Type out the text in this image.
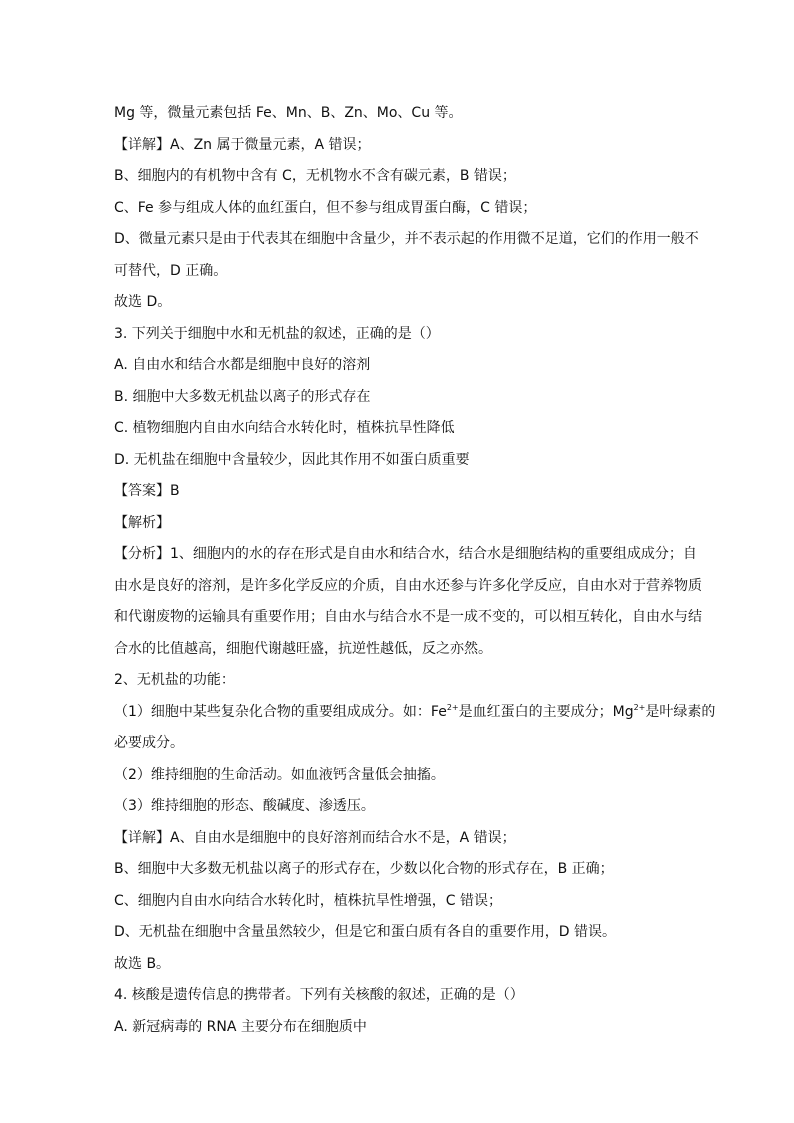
Mg 等，微量元素包括 Fe、Mn、B、Zn、Mo、Cu 等。
【详解】A、Zn 属于微量元素，A 错误；
B、细胞内的有机物中含有 C，无机物水不含有碳元素，B 错误；
C、Fe 参与组成人体的血红蛋白，但不参与组成胃蛋白酶，C 错误；
D、微量元素只是由于代表其在细胞中含量少，并不表示起的作用微不足道，它们的作用一般不
可替代，D 正确。
故选 D。
3. 下列关于细胞中水和无机盐的叙述，正确的是（）
A. 自由水和结合水都是细胞中良好的溶剂
B. 细胞中大多数无机盐以离子的形式存在
C. 植物细胞内自由水向结合水转化时，植株抗旱性降低
D. 无机盐在细胞中含量较少，因此其作用不如蛋白质重要
【答案】B
【解析】
【分析】1、细胞内的水的存在形式是自由水和结合水，结合水是细胞结构的重要组成成分；自
由水是良好的溶剂，是许多化学反应的介质，自由水还参与许多化学反应，自由水对于营养物质
和代谢废物的运输具有重要作用；自由水与结合水不是一成不变的，可以相互转化，自由水与结
合水的比值越高，细胞代谢越旺盛，抗逆性越低，反之亦然。
2、无机盐的功能：
（1）细胞中某些复杂化合物的重要组成成分。如：$Fe^{2+}$是血红蛋白的主要成分；$Mg^{2+}$是叶绿素的
必要成分。
（2）维持细胞的生命活动。如血液钙含量低会抽搐。
（3）维持细胞的形态、酸碱度、渗透压。
【详解】A、自由水是细胞中的良好溶剂而结合水不是，A 错误；
B、细胞中大多数无机盐以离子的形式存在，少数以化合物的形式存在，B 正确；
C、细胞内自由水向结合水转化时，植株抗旱性增强，C 错误；
D、无机盐在细胞中含量虽然较少，但是它和蛋白质有各自的重要作用，D 错误。
故选 B。
4. 核酸是遗传信息的携带者。下列有关核酸的叙述，正确的是（）
A. 新冠病毒的 RNA 主要分布在细胞质中
